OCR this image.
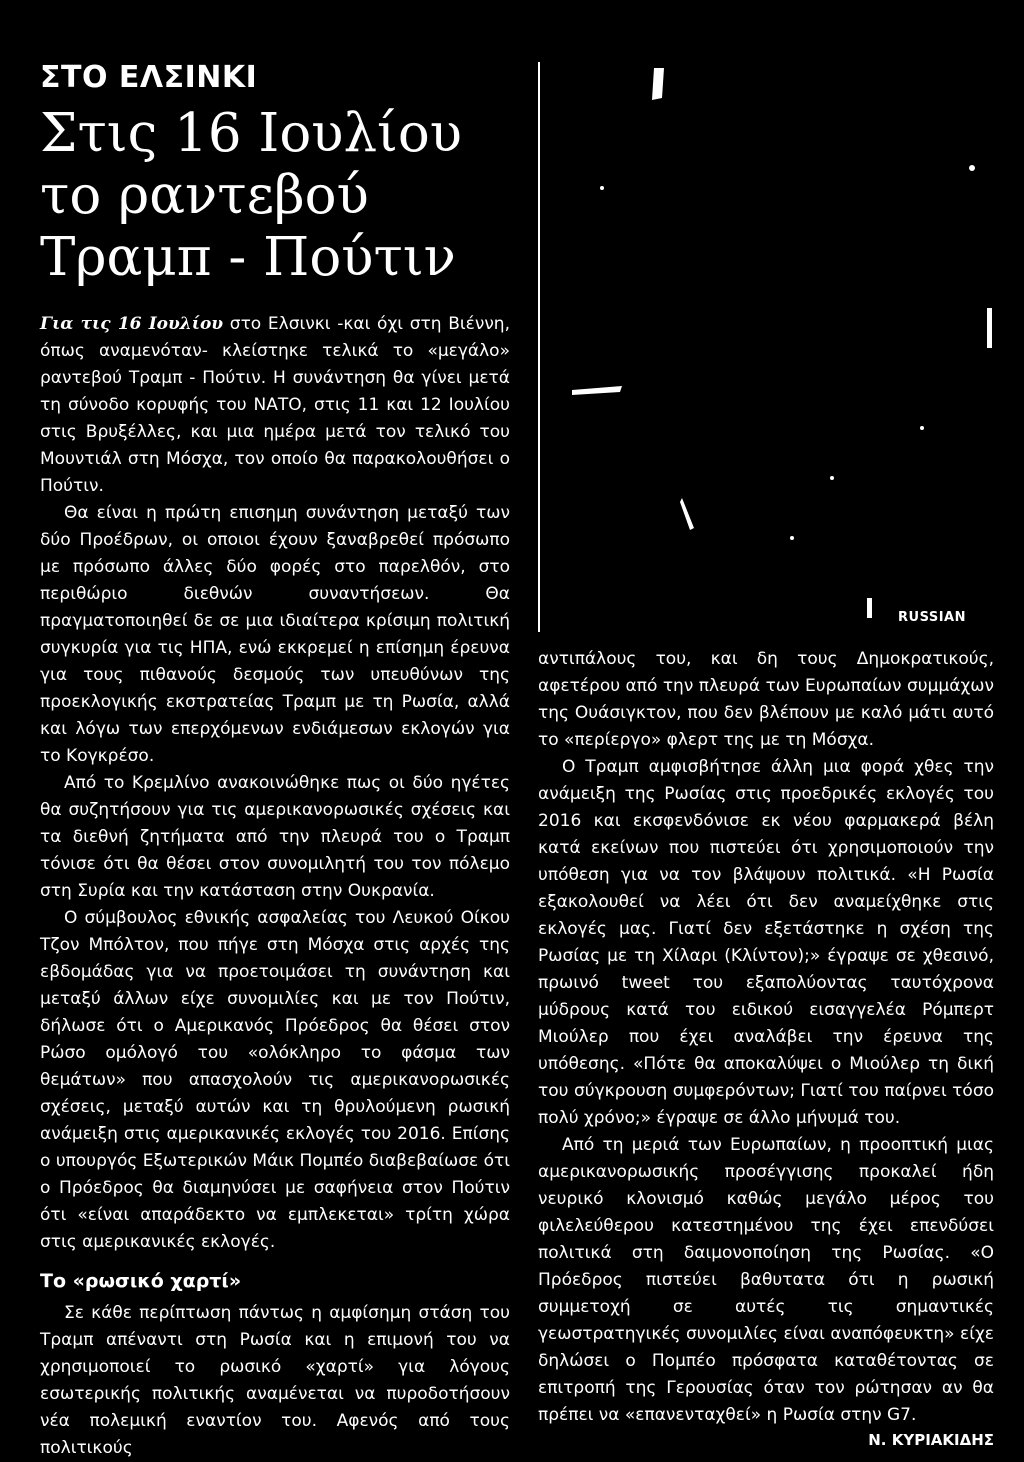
ΣΤΟ ΕΛΣΙΝΚΙ
Στις 16 Ιουλίου
το ραντεβού
Τραμπ - Πούτιν

Για τις 16 Ιουλίου στο Ελσινκι -και όχι στη Βιέννη, όπως αναμενόταν- κλείστηκε τελικά το «μεγάλο» ραντεβού Τραμπ - Πούτιν. Η συνάντηση θα γίνει μετά τη σύνοδο κορυφής του ΝΑΤΟ, στις 11 και 12 Ιουλίου στις Βρυξέλλες, και μια ημέρα μετά τον τελικό του Μουντιάλ στη Μόσχα, τον οποίο θα παρακολουθήσει ο Πούτιν.

Θα είναι η πρώτη επισημη συνάντηση μεταξύ των δύο Προέδρων, οι οποιοι έχουν ξαναβρεθεί πρόσωπο με πρόσωπο άλλες δύο φορές στο παρελθόν, στο περιθώριο διεθνών συναντήσεων. Θα πραγματοποιηθεί δε σε μια ιδιαίτερα κρίσιμη πολιτική συγκυρία για τις ΗΠΑ, ενώ εκκρεμεί η επίσημη έρευνα για τους πιθανούς δεσμούς των υπευθύνων της προεκλογικής εκστρατείας Τραμπ με τη Ρωσία, αλλά και λόγω των επερχόμενων ενδιάμεσων εκλογών για το Κογκρέσο.

Από το Κρεμλίνο ανακοινώθηκε πως οι δύο ηγέτες θα συζητήσουν για τις αμερικανορωσικές σχέσεις και τα διεθνή ζητήματα από την πλευρά του ο Τραμπ τόνισε ότι θα θέσει στον συνομιλητή του τον πόλεμο στη Συρία και την κατάσταση στην Ουκρανία.

Ο σύμβουλος εθνικής ασφαλείας του Λευκού Οίκου Τζον Μπόλτον, που πήγε στη Μόσχα στις αρχές της εβδομάδας για να προετοιμάσει τη συνάντηση και μεταξύ άλλων είχε συνομιλίες και με τον Πούτιν, δήλωσε ότι ο Αμερικανός Πρόεδρος θα θέσει στον Ρώσο ομόλογό του «ολόκληρο το φάσμα των θεμάτων» που απασχολούν τις αμερικανορωσικές σχέσεις, μεταξύ αυτών και τη θρυλούμενη ρωσική ανάμειξη στις αμερικανικές εκλογές του 2016. Επίσης ο υπουργός Εξωτερικών Μάικ Πομπέο διαβεβαίωσε ότι ο Πρόεδρος θα διαμηνύσει με σαφήνεια στον Πούτιν ότι «είναι απαράδεκτο να εμπλεκεται» τρίτη χώρα στις αμερικανικές εκλογές.

Το «ρωσικό χαρτί»

Σε κάθε περίπτωση πάντως η αμφίσημη στάση του Τραμπ απέναντι στη Ρωσία και η επιμονή του να χρησιμοποιεί το ρωσικό «χαρτί» για λόγους εσωτερικής πολιτικής αναμένεται να πυροδοτήσουν νέα πολεμική εναντίον του. Αφενός από τους πολιτικούς

RUSSIAN

αντιπάλους του, και δη τους Δημοκρατικούς, αφετέρου από την πλευρά των Ευρωπαίων συμμάχων της Ουάσιγκτον, που δεν βλέπουν με καλό μάτι αυτό το «περίεργο» φλερτ της με τη Μόσχα.

Ο Τραμπ αμφισβήτησε άλλη μια φορά χθες την ανάμειξη της Ρωσίας στις προεδρικές εκλογές του 2016 και εκσφενδόνισε εκ νέου φαρμακερά βέλη κατά εκείνων που πιστεύει ότι χρησιμοποιούν την υπόθεση για να τον βλάψουν πολιτικά. «Η Ρωσία εξακολουθεί να λέει ότι δεν αναμείχθηκε στις εκλογές μας. Γιατί δεν εξετάστηκε η σχέση της Ρωσίας με τη Χίλαρι (Κλίντον);» έγραψε σε χθεσινό, πρωινό tweet του εξαπολύοντας ταυτόχρονα μύδρους κατά του ειδικού εισαγγελέα Ρόμπερτ Μιούλερ που έχει αναλάβει την έρευνα της υπόθεσης. «Πότε θα αποκαλύψει ο Μιούλερ τη δική του σύγκρουση συμφερόντων; Γιατί του παίρνει τόσο πολύ χρόνο;» έγραψε σε άλλο μήνυμά του.

Από τη μεριά των Ευρωπαίων, η προοπτική μιας αμερικανορωσικής προσέγγισης προκαλεί ήδη νευρικό κλονισμό καθώς μεγάλο μέρος του φιλελεύθερου κατεστημένου της έχει επενδύσει πολιτικά στη δαιμονοποίηση της Ρωσίας. «Ο Πρόεδρος πιστεύει βαθυτατα ότι η ρωσική συμμετοχή σε αυτές τις σημαντικές γεωστρατηγικές συνομιλίες είναι αναπόφευκτη» είχε δηλώσει ο Πομπέο πρόσφατα καταθέτοντας σε επιτροπή της Γερουσίας όταν τον ρώτησαν αν θα πρέπει να «επανενταχθεί» η Ρωσία στην G7.

Ν. ΚΥΡΙΑΚΙΔΗΣ
